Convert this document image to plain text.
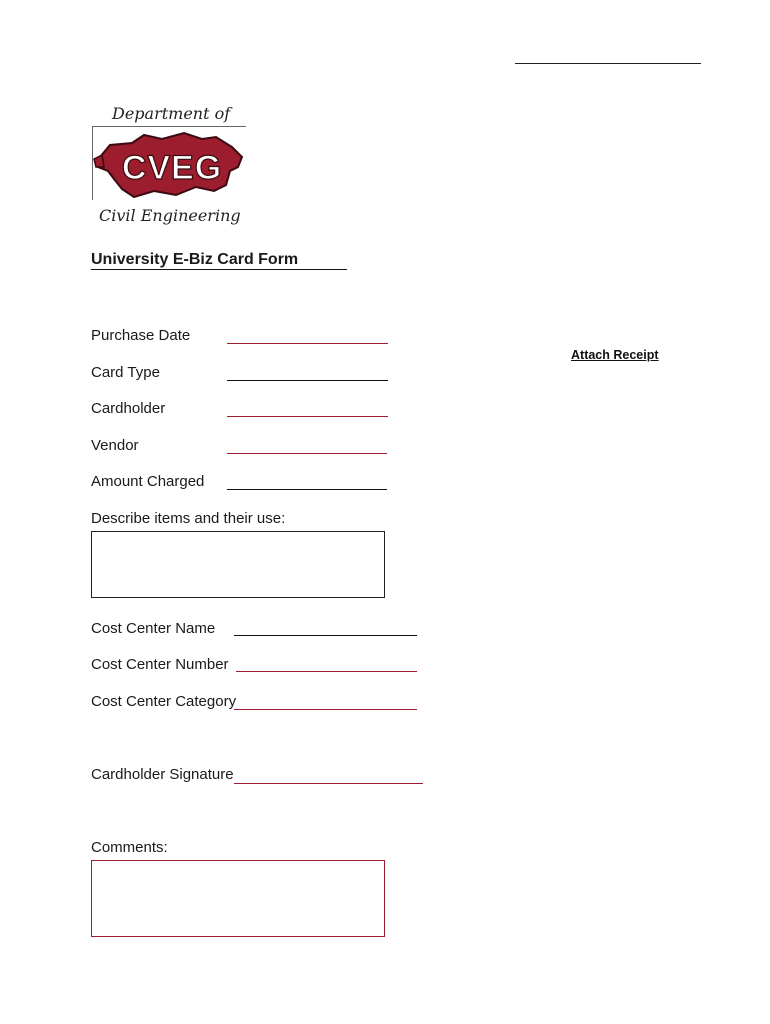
Department of
CVEG
Civil Engineering
University E-Biz Card Form
Attach Receipt
Purchase Date
Card Type
Cardholder
Vendor
Amount Charged
Describe items and their use:
Cost Center Name
Cost Center Number
Cost Center Category
Cardholder Signature
Comments:
